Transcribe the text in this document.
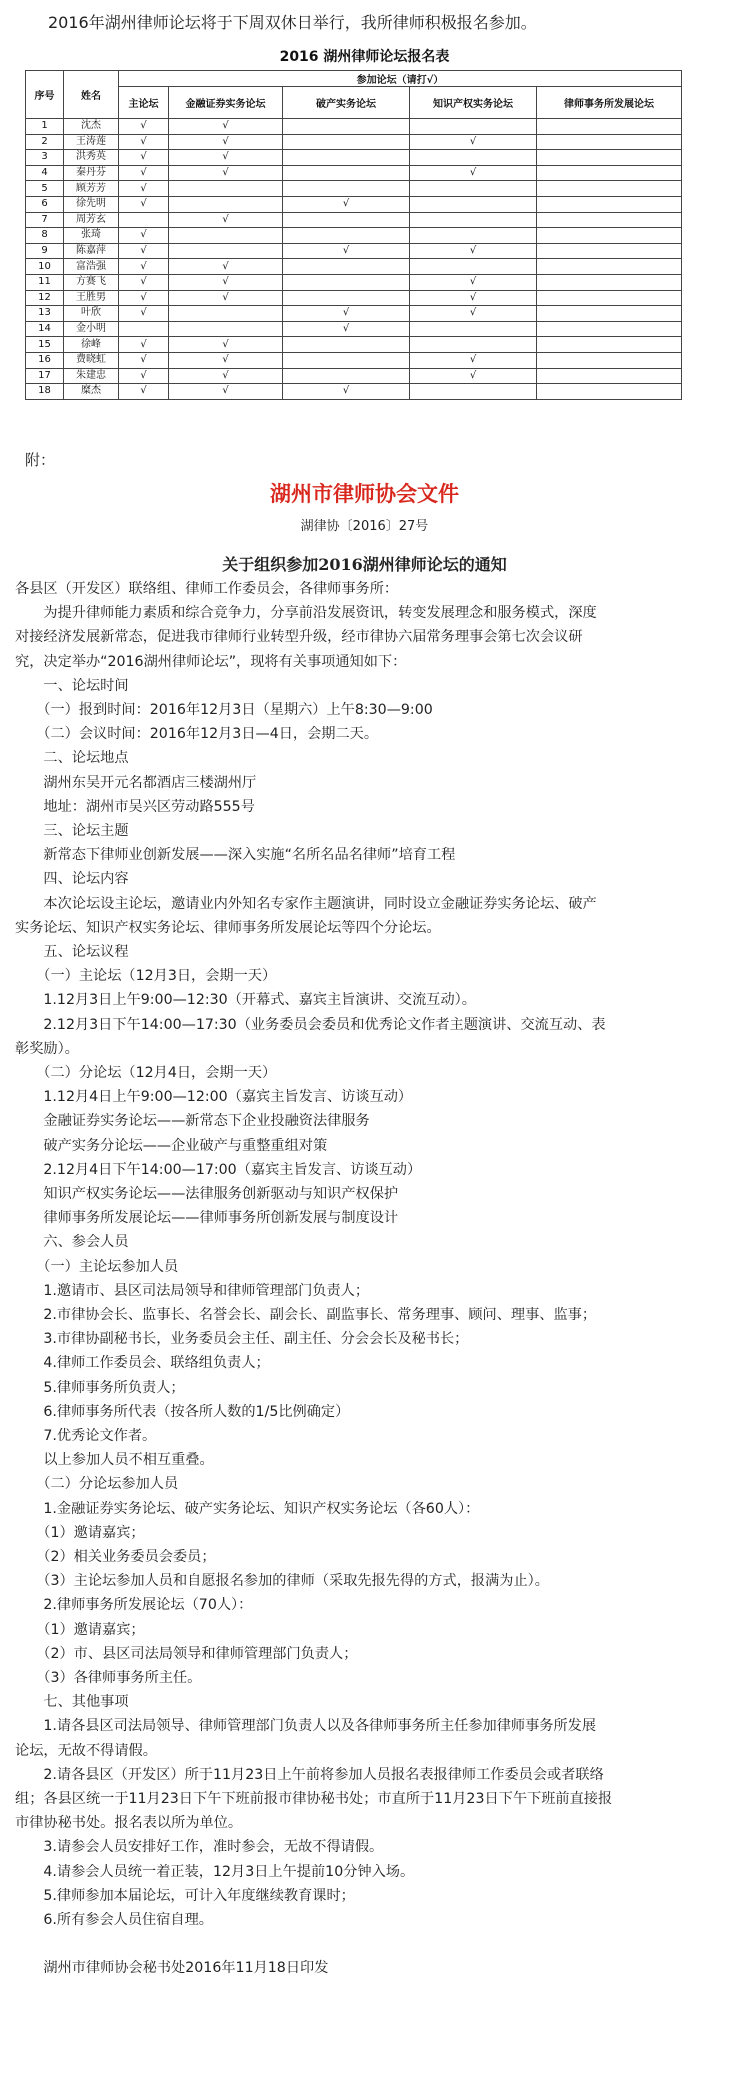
2016年湖州律师论坛将于下周双休日举行，我所律师积极报名参加。
2016 湖州律师论坛报名表
序号	姓名	参加论坛（请打√）				
		主论坛	金融证券实务论坛	破产实务论坛	知识产权实务论坛	律师事务所发展论坛
1	沈杰	√	√			
2	王涛莲	√	√		√	
3	洪秀英	√	√			
4	秦丹芬	√	√		√	
5	顾芳芳	√				
6	徐先明	√		√		
7	周芳玄		√			
8	张琦	√				
9	陈嘉萍	√		√	√	
10	富浩强	√	√			
11	方赛飞	√	√		√	
12	王胜男	√	√		√	
13	叶欣	√		√	√	
14	金小明			√		
15	徐峰	√	√			
16	费晓虹	√	√		√	
17	朱建忠	√	√		√	
18	糜杰	√	√	√		
附：
湖州市律师协会文件
湖律协〔2016〕27号
关于组织参加2016湖州律师论坛的通知
各县区（开发区）联络组、律师工作委员会，各律师事务所：
　　为提升律师能力素质和综合竞争力，分享前沿发展资讯，转变发展理念和服务模式，深度
对接经济发展新常态，促进我市律师行业转型升级，经市律协六届常务理事会第七次会议研
究，决定举办“2016湖州律师论坛”，现将有关事项通知如下：
　　一、论坛时间
　　（一）报到时间：2016年12月3日（星期六）上午8:30—9:00
　　（二）会议时间：2016年12月3日—4日，会期二天。
　　二、论坛地点
　　湖州东吴开元名都酒店三楼湖州厅
　　地址：湖州市吴兴区劳动路555号
　　三、论坛主题
　　新常态下律师业创新发展——深入实施“名所名品名律师”培育工程
　　四、论坛内容
　　本次论坛设主论坛，邀请业内外知名专家作主题演讲，同时设立金融证券实务论坛、破产
实务论坛、知识产权实务论坛、律师事务所发展论坛等四个分论坛。
　　五、论坛议程
　　（一）主论坛（12月3日，会期一天）
　　1.12月3日上午9:00—12:30（开幕式、嘉宾主旨演讲、交流互动）。
　　2.12月3日下午14:00—17:30（业务委员会委员和优秀论文作者主题演讲、交流互动、表
彰奖励）。
　　（二）分论坛（12月4日，会期一天）
　　1.12月4日上午9:00—12:00（嘉宾主旨发言、访谈互动）
　　金融证券实务论坛——新常态下企业投融资法律服务
　　破产实务分论坛——企业破产与重整重组对策
　　2.12月4日下午14:00—17:00（嘉宾主旨发言、访谈互动）
　　知识产权实务论坛——法律服务创新驱动与知识产权保护
　　律师事务所发展论坛——律师事务所创新发展与制度设计
　　六、参会人员
　　（一）主论坛参加人员
　　1.邀请市、县区司法局领导和律师管理部门负责人；
　　2.市律协会长、监事长、名誉会长、副会长、副监事长、常务理事、顾问、理事、监事；
　　3.市律协副秘书长，业务委员会主任、副主任、分会会长及秘书长；
　　4.律师工作委员会、联络组负责人；
　　5.律师事务所负责人；
　　6.律师事务所代表（按各所人数的1/5比例确定）
　　7.优秀论文作者。
　　以上参加人员不相互重叠。
　　（二）分论坛参加人员
　　1.金融证券实务论坛、破产实务论坛、知识产权实务论坛（各60人）：
　　（1）邀请嘉宾；
　　（2）相关业务委员会委员；
　　（3）主论坛参加人员和自愿报名参加的律师（采取先报先得的方式，报满为止）。
　　2.律师事务所发展论坛（70人）：
　　（1）邀请嘉宾；
　　（2）市、县区司法局领导和律师管理部门负责人；
　　（3）各律师事务所主任。
　　七、其他事项
　　1.请各县区司法局领导、律师管理部门负责人以及各律师事务所主任参加律师事务所发展
论坛，无故不得请假。
　　2.请各县区（开发区）所于11月23日上午前将参加人员报名表报律师工作委员会或者联络
组；各县区统一于11月23日下午下班前报市律协秘书处；市直所于11月23日下午下班前直接报
市律协秘书处。报名表以所为单位。
　　3.请参会人员安排好工作，准时参会，无故不得请假。
　　4.请参会人员统一着正装，12月3日上午提前10分钟入场。
　　5.律师参加本届论坛，可计入年度继续教育课时；
　　6.所有参会人员住宿自理。
　　湖州市律师协会秘书处2016年11月18日印发
